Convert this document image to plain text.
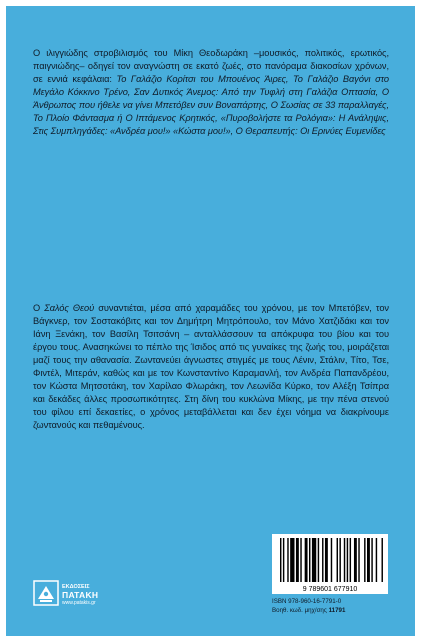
Ο ιλιγγιώδης στροβιλισμός του Μίκη Θεοδωράκη –μουσικός, πολιτικός, ερωτικός, παιγνιώδης– οδηγεί τον αναγνώστη σε εκατό ζωές, στο πανόραμα διακοσίων χρόνων, σε εννιά κεφάλαια: Το Γαλάζιο Κορίτσι του Μπουένος Άιρες, Το Γαλάζιο Βαγόνι στο Μεγάλο Κόκκινο Τρένο, Σαν Δυτικός Άνεμος: Από την Τυφλή στη Γαλάζια Οπτασία, Ο Άνθρωπος που ήθελε να γίνει Μπετόβεν συν Βοναπάρτης, Ο Σωσίας σε 33 παραλλαγές, Το Πλοίο Φάντασμα ή Ο Ιπτάμενος Κρητικός, «Πυροβολήστε τα Ρολόγια»: Η Ανάληψις, Στις Συμπληγάδες: «Ανδρέα μου!» «Κώστα μου!», Ο Θεραπευτής: Οι Ερινύες Ευμενίδες

Ο Σαλός Θεού συναντιέται, μέσα από χαραμάδες του χρόνου, με τον Μπετόβεν, τον Βάγκνερ, τον Σοστακόβιτς και τον Δημήτρη Μητρόπουλο, τον Μάνο Χατζιδάκι και τον Ιάνη Ξενάκη, τον Βασίλη Τσιτσάνη – ανταλλάσσουν τα απόκρυφα του βίου και του έργου τους. Ανασηκώνει το πέπλο της Ίσιδος από τις γυναίκες της ζωής του, μοιράζεται μαζί τους την αθανασία. Ζωντανεύει άγνωστες στιγμές με τους Λένιν, Στάλιν, Τίτο, Τσε, Φιντέλ, Μιτεράν, καθώς και με τον Κωνσταντίνο Καραμανλή, τον Ανδρέα Παπανδρέου, τον Κώστα Μητσοτάκη, τον Χαρίλαο Φλωράκη, τον Λεωνίδα Κύρκο, τον Αλέξη Τσίπρα και δεκάδες άλλες προσωπικότητες. Στη δίνη του κυκλώνα Μίκης, με την πένα στενού του φίλου επί δεκαετίες, ο χρόνος μεταβάλλεται και δεν έχει νόημα να διακρίνουμε ζωντανούς και πεθαμένους.

ΕΚΔΟΣΕΙΣ
ΠΑΤΑΚΗ
www.patakis.gr
9 789601 677910
ISBN 978-960-16-7791-0
Βοηθ. κωδ. μηχ/σης 11791
